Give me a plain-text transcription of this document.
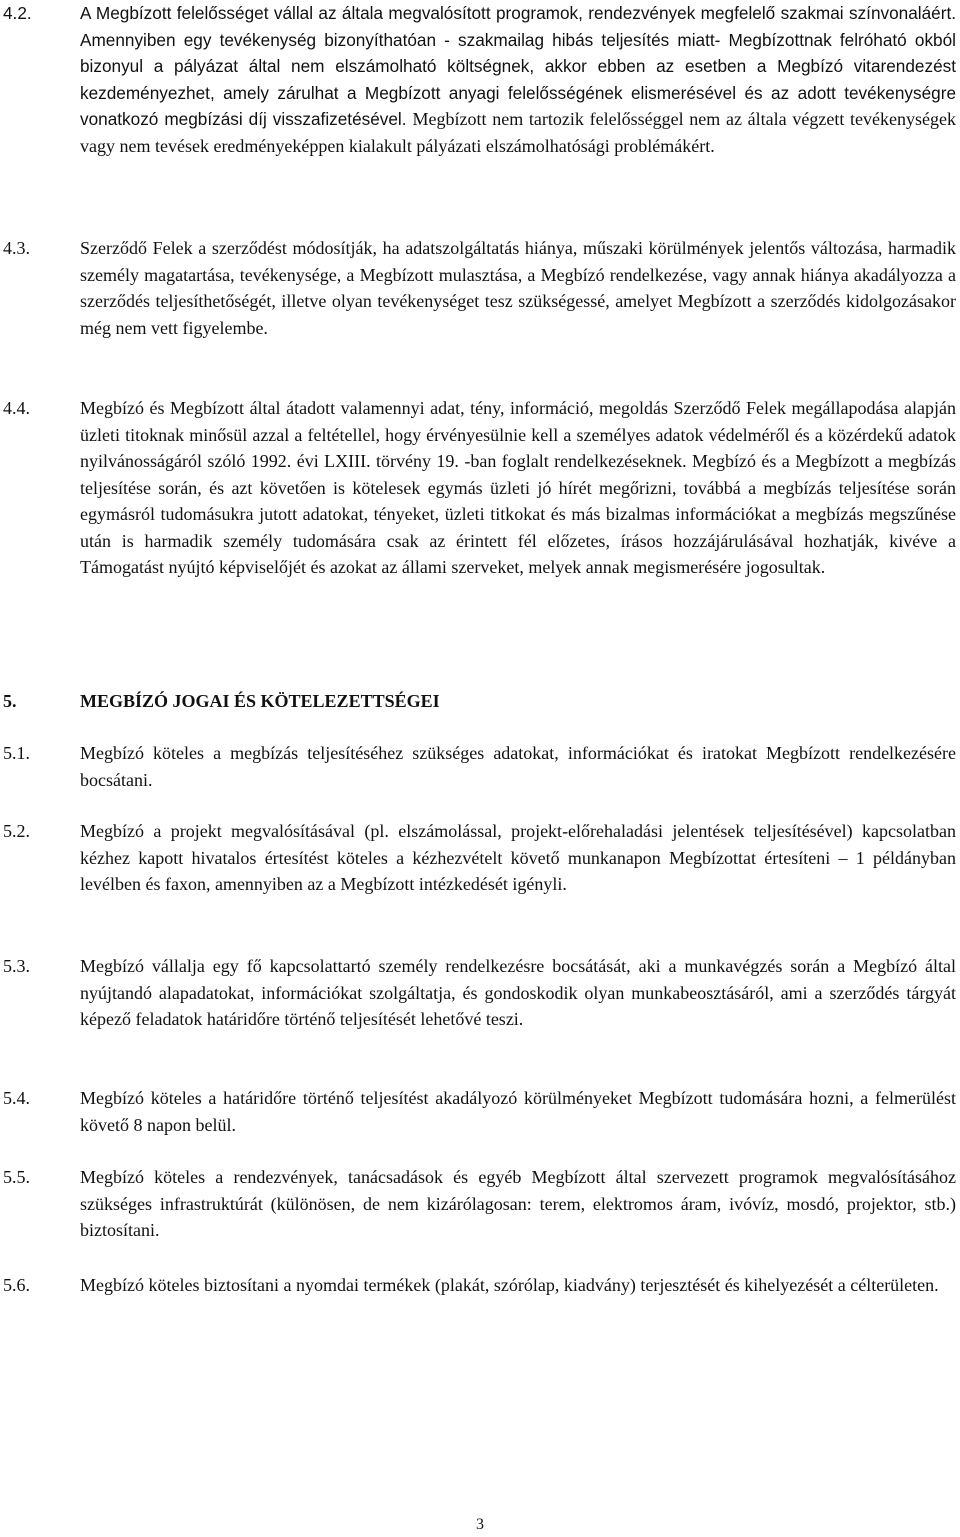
4.2.	A Megbízott felelősséget vállal az általa megvalósított programok, rendezvények megfelelő szakmai színvonaláért. Amennyiben egy tevékenység bizonyíthatóan - szakmailag hibás teljesítés miatt- Megbízottnak felróható okból bizonyul a pályázat által nem elszámolható költségnek, akkor ebben az esetben a Megbízó vitarendezést kezdeményezhet, amely zárulhat a Megbízott anyagi felelősségének elismerésével és az adott tevékenységre vonatkozó megbízási díj visszafizetésével. Megbízott nem tartozik felelősséggel nem az általa végzett tevékenységek vagy nem tevések eredményeképpen kialakult pályázati elszámolhatósági problémákért.

4.3.	Szerződő Felek a szerződést módosítják, ha adatszolgáltatás hiánya, műszaki körülmények jelentős változása, harmadik személy magatartása, tevékenysége, a Megbízott mulasztása, a Megbízó rendelkezése, vagy annak hiánya akadályozza a szerződés teljesíthetőségét, illetve olyan tevékenységet tesz szükségessé, amelyet Megbízott a szerződés kidolgozásakor még nem vett figyelembe.

4.4.	Megbízó és Megbízott által átadott valamennyi adat, tény, információ, megoldás Szerződő Felek megállapodása alapján üzleti titoknak minősül azzal a feltétellel, hogy érvényesülnie kell a személyes adatok védelméről és a közérdekű adatok nyilvánosságáról szóló 1992. évi LXIII. törvény 19. -ban foglalt rendelkezéseknek. Megbízó és a Megbízott a megbízás teljesítése során, és azt követően is kötelesek egymás üzleti jó hírét megőrizni, továbbá a megbízás teljesítése során egymásról tudomásukra jutott adatokat, tényeket, üzleti titkokat és más bizalmas információkat a megbízás megszűnése után is harmadik személy tudomására csak az érintett fél előzetes, írásos hozzájárulásával hozhatják, kivéve a Támogatást nyújtó képviselőjét és azokat az állami szerveket, melyek annak megismerésére jogosultak.

5.	MEGBÍZÓ JOGAI ÉS KÖTELEZETTSÉGEI
5.1.	Megbízó köteles a megbízás teljesítéséhez szükséges adatokat, információkat és iratokat Megbízott rendelkezésére bocsátani.

5.2.	Megbízó a projekt megvalósításával (pl. elszámolással, projekt-előrehaladási jelentések teljesítésével) kapcsolatban kézhez kapott hivatalos értesítést köteles a kézhezvételt követő munkanapon Megbízottat értesíteni – 1 példányban levélben és faxon, amennyiben az a Megbízott intézkedését igényli.

5.3.	Megbízó vállalja egy fő kapcsolattartó személy rendelkezésre bocsátását, aki a munkavégzés során a Megbízó által nyújtandó alapadatokat, információkat szolgáltatja, és gondoskodik olyan munkabeosztásáról, ami a szerződés tárgyát képező feladatok határidőre történő teljesítését lehetővé teszi.

5.4.	Megbízó köteles a határidőre történő teljesítést akadályozó körülményeket Megbízott tudomására hozni, a felmerülést követő 8 napon belül.

5.5.	Megbízó köteles a rendezvények, tanácsadások és egyéb Megbízott által szervezett programok megvalósításához szükséges infrastruktúrát (különösen, de nem kizárólagosan: terem, elektromos áram, ivóvíz, mosdó, projektor, stb.) biztosítani.

5.6.	Megbízó köteles biztosítani a nyomdai termékek (plakát, szórólap, kiadvány) terjesztését és kihelyezését a célterületen.

3
